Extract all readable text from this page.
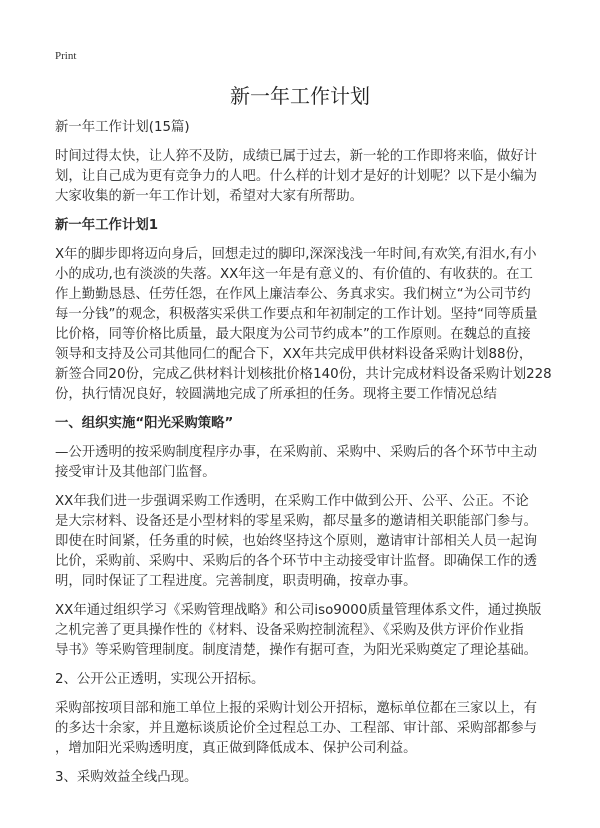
Print
新一年工作计划
新一年工作计划(15篇)
时间过得太快，让人猝不及防，成绩已属于过去，新一轮的工作即将来临，做好计
划，让自己成为更有竞争力的人吧。什么样的计划才是好的计划呢？以下是小编为
大家收集的新一年工作计划，希望对大家有所帮助。
新一年工作计划1
X年的脚步即将迈向身后，回想走过的脚印,深深浅浅一年时间,有欢笑,有泪水,有小
小的成功,也有淡淡的失落。XX年这一年是有意义的、有价值的、有收获的。在工
作上勤勤恳恳、任劳任怨，在作风上廉洁奉公、务真求实。我们树立“为公司节约
每一分钱”的观念，积极落实采供工作要点和年初制定的工作计划。坚持“同等质量
比价格，同等价格比质量，最大限度为公司节约成本”的工作原则。在魏总的直接
领导和支持及公司其他同仁的配合下，XX年共完成甲供材料设备采购计划88份，
新签合同20份，完成乙供材料计划核批价格140份，共计完成材料设备采购计划228
份，执行情况良好，较圆满地完成了所承担的任务。现将主要工作情况总结
一、组织实施“阳光采购策略”
—公开透明的按采购制度程序办事，在采购前、采购中、采购后的各个环节中主动
接受审计及其他部门监督。
XX年我们进一步强调采购工作透明，在采购工作中做到公开、公平、公正。不论
是大宗材料、设备还是小型材料的零星采购，都尽量多的邀请相关职能部门参与。
即使在时间紧，任务重的时候，也始终坚持这个原则，邀请审计部相关人员一起询
比价，采购前、采购中、采购后的各个环节中主动接受审计监督。即确保工作的透
明，同时保证了工程进度。完善制度，职责明确，按章办事。
XX年通过组织学习《采购管理战略》和公司iso9000质量管理体系文件，通过换版
之机完善了更具操作性的《材料、设备采购控制流程》、《采购及供方评价作业指
导书》等采购管理制度。制度清楚，操作有据可查，为阳光采购奠定了理论基础。
2、公开公正透明，实现公开招标。
采购部按项目部和施工单位上报的采购计划公开招标，邀标单位都在三家以上，有
的多达十余家，并且邀标谈质论价全过程总工办、工程部、审计部、采购部都参与
，增加阳光采购透明度，真正做到降低成本、保护公司利益。
3、采购效益全线凸现。
